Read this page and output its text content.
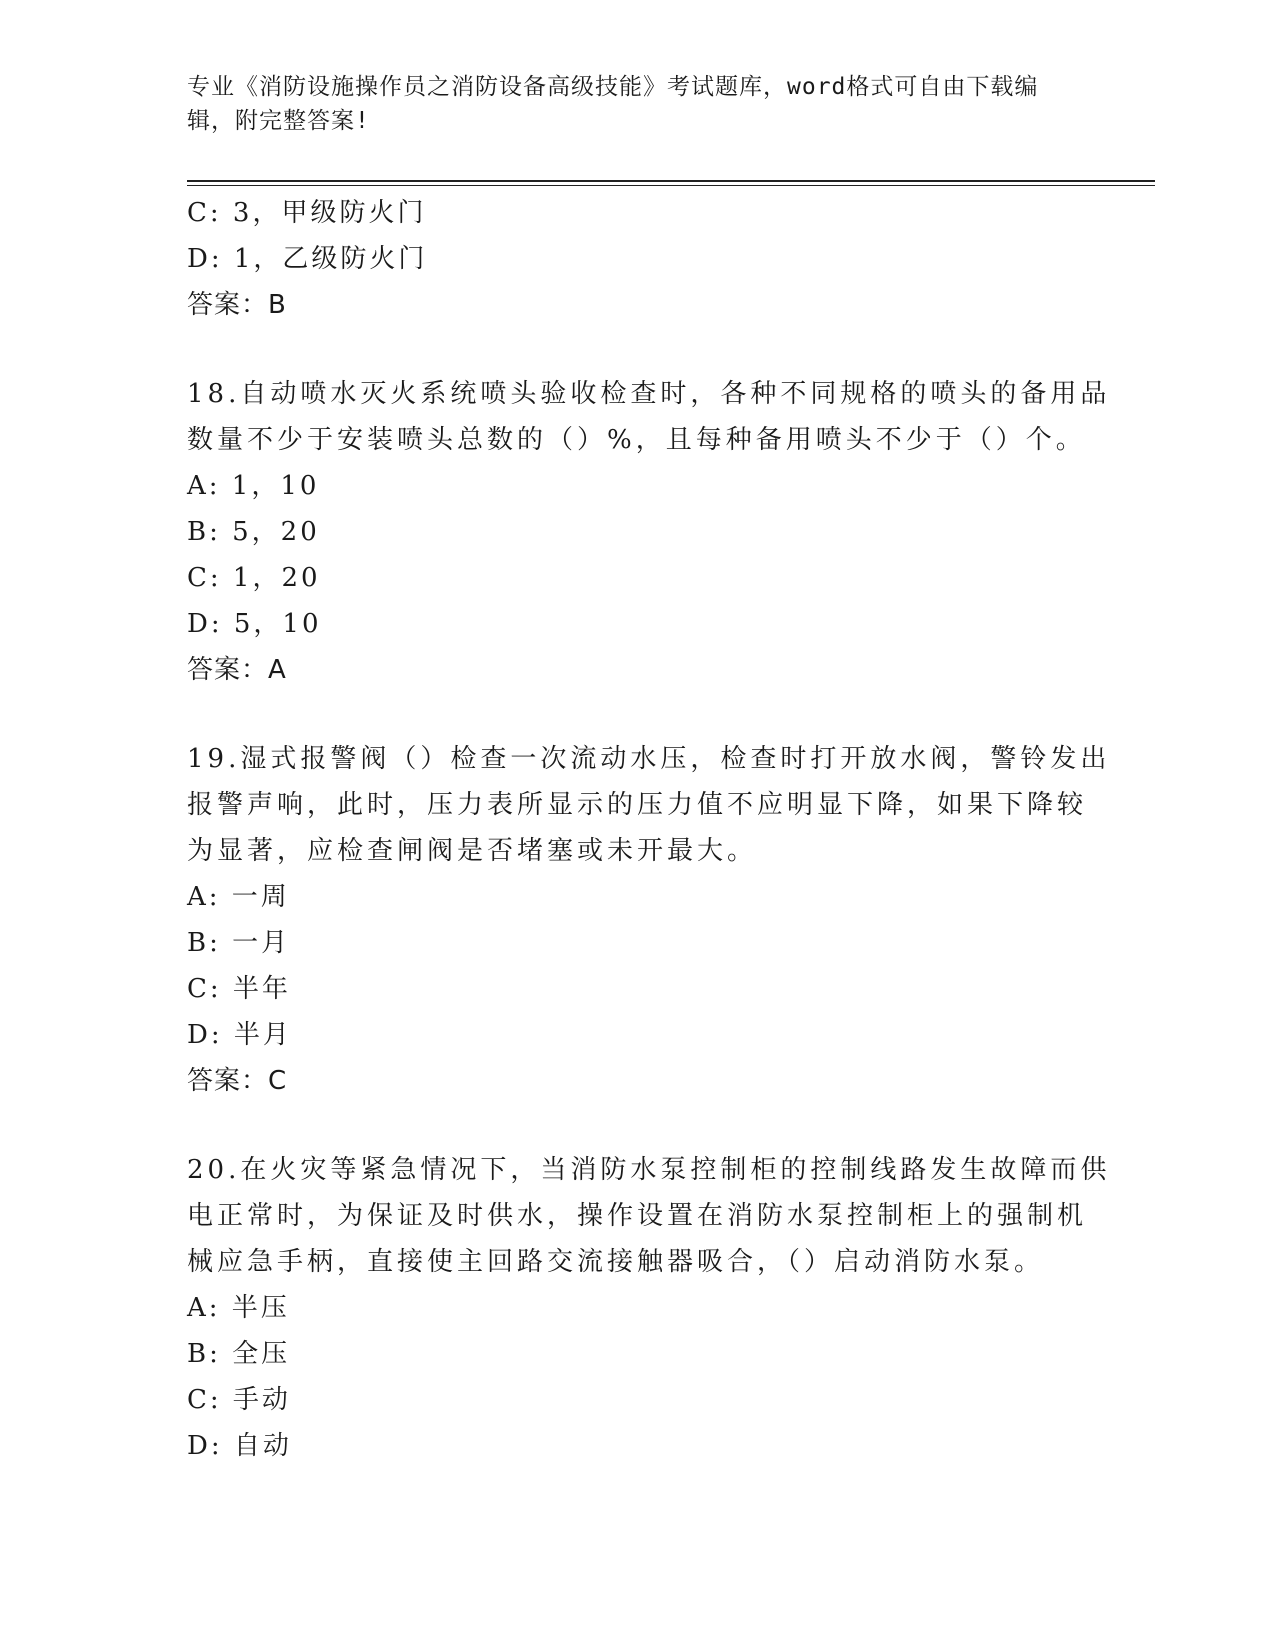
专业《消防设施操作员之消防设备高级技能》考试题库，word格式可自由下载编
辑，附完整答案!
C: 3，甲级防火门
D: 1，乙级防火门
答案：B
18.自动喷水灭火系统喷头验收检查时，各种不同规格的喷头的备用品
数量不少于安装喷头总数的（）%，且每种备用喷头不少于（）个。
A: 1，10
B: 5，20
C: 1，20
D: 5，10
答案：A
19.湿式报警阀（）检查一次流动水压，检查时打开放水阀，警铃发出
报警声响，此时，压力表所显示的压力值不应明显下降，如果下降较
为显著，应检查闸阀是否堵塞或未开最大。
A: 一周
B: 一月
C: 半年
D: 半月
答案：C
20.在火灾等紧急情况下，当消防水泵控制柜的控制线路发生故障而供
电正常时，为保证及时供水，操作设置在消防水泵控制柜上的强制机
械应急手柄，直接使主回路交流接触器吸合，（）启动消防水泵。
A: 半压
B: 全压
C: 手动
D: 自动
